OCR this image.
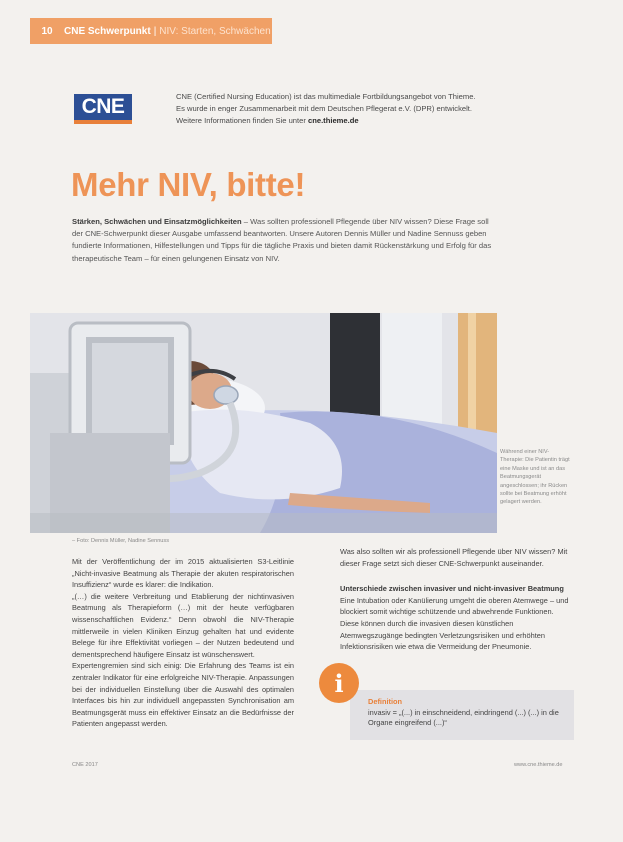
10	CNE Schwerpunkt | NIV: Starten, Schwächen
CNE	CNE (Certified Nursing Education) ist das multimediale Fortbildungsangebot von Thieme.
Es wurde in enger Zusammenarbeit mit dem Deutschen Pflegerat e.V. (DPR) entwickelt.
Weitere Informationen finden Sie unter cne.thieme.de
Mehr NIV, bitte!
Stärken, Schwächen und Einsatzmöglichkeiten – Was sollten professionell Pflegende über NIV wissen? Diese Frage soll der CNE-Schwerpunkt dieser Ausgabe umfassend beantworten. Unsere Autoren Dennis Müller und Nadine Sennuss geben fundierte Informationen, Hilfestellungen und Tipps für die tägliche Praxis und bieten damit Rückenstärkung und Erfolg für das therapeutische Team – für einen gelungenen Einsatz von NIV.
Während einer NIV-Therapie: Die Patientin trägt eine Maske und ist an das Beatmungsgerät angeschlossen; ihr Rücken sollte bei Beatmung erhöht gelagert werden.
– Foto: Dennis Müller, Nadine Sennuss

Mit der Veröffentlichung der im 2015 aktualisierten S3-Leitlinie „Nicht-invasive Beatmung als Therapie der akuten respiratorischen Insuffizienz“ wurde es klarer: die Indikation.

„(…) die weitere Verbreitung und Etablierung der nichtinvasiven Beatmung als Therapieform (…) mit der heute verfügbaren wissenschaftlichen Evidenz.“ Denn obwohl die NIV-Therapie mittlerweile in vielen Kliniken Einzug gehalten hat und evidente Belege für ihre Effektivität vorliegen – der Nutzen bedeutend und dementsprechend häufigere Einsatz ist wünschenswert.

Expertengremien sind sich einig: Die Erfahrung des Teams ist ein zentraler Indikator für eine erfolgreiche NIV-Therapie. Anpassungen bei der individuellen Einstellung über die Auswahl des optimalen Interfaces bis hin zur individuell angepassten Synchronisation am Beatmungsgerät muss ein effektiver Einsatz an die Bedürfnisse der Patienten angepasst werden.

Was also sollten wir als professionell Pflegende über NIV wissen? Mit dieser Frage setzt sich dieser CNE-Schwerpunkt auseinander.

Unterschiede zwischen invasiver und nicht-invasiver Beatmung

Eine Intubation oder Kanülierung umgeht die oberen Atemwege – und blockiert somit wichtige schützende und abwehrende Funktionen. Diese können durch die invasiven diesen künstlichen Atemwegszugänge bedingten Verletzungsrisiken und erhöhten Infektionsrisiken wie etwa die Vermeidung der Pneumonie.

Definition
invasiv = „(...) in einschneidend, eindringend (...) (...) in die Organe eingreifend (...)“
i
CNE 2017	www.cne.thieme.de
